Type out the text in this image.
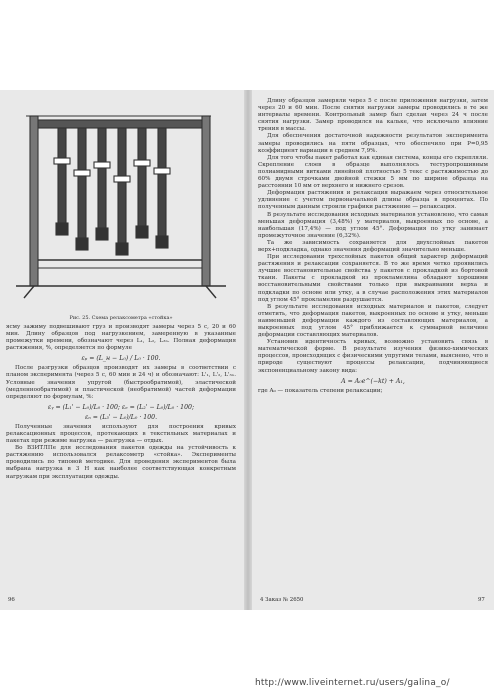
Рис. 25. Схема релаксометра «стойка»

ясму зажиму подвешивают груз и производят замеры через 5 с, 20 и 60 мин. Длину образцов под нагрузкением, замеренную в указанные промежутки времени, обозначают через L₁, L₂, L₃ₙ. Полная деформация растяжения, %, определяется по формуле

εₚ = (L_н − L₀) / L₀ · 100.

После разгрузки образцов производят их замеры в соответствии с планом эксперимента (через 5 с, 60 мин и 24 ч) и обозначают: L'₁, L'₂, L'₃ₙ. Условные значения упругой (быстрообратимой), эластической (медленнообратимой) и пластической (необратимой) частей деформации определяют по формулам, %:

εᵧ = (L₁' − L₀)/L₀ · 100; εₑ = (L₂' − L₀)/L₀ · 100;

εₙ = (L₃' − L₀)/L₀ · 100.

Полученные значения используют для построения кривых релаксационных процессов, протекающих в текстильных материалах и пакетах при режиме нагрузка — разгрузка — отдых.

Во ВЗИТЛПе для исследования пакетов одежды на устойчивость к растяжению использовался релаксометр «стойка». Эксперименты проводились по типовой методике. Для проведения экспериментов была выбрана нагрузка в 3 Н как наиболее соответствующая конкретным нагрузкам при эксплуатации одежды.

96

Длину образцов замеряли через 5 с после приложения нагрузки, затем через 20 и 60 мин. После снятия нагрузки замеры проводились в те же интервалы времени. Контрольный замер был сделан через 24 ч после снятия нагрузки. Замер проводился на кальке, что исключало влияние трения в массы.

Для обеспечения достаточной надежности результатов эксперимента замеры проводились на пяти образцах, что обеспечило при P=0,95 коэффициент вариации в среднем 7,9%.

Для того чтобы пакет работал как единая система, концы его скрепляли. Скрепление слоев в образце выполнялось тестуропрошивным полиамидными витками линейной плотностью 5 текс с растяжимостью до 60% двумя строчками двойной стежки 5 мм по ширине образца на расстоянии 10 мм от верхнего и нижнего срезов.

Деформация растяжения и релаксация выражаем через относительное удлинение с учетом первоначальной длины образца в процентах. По полученным данным строили графики растяжение — релаксация.

В результате исследования исходных материалов установлено, что самая меньшая деформация (3,48%) у материалов, выкроенных по основе, а наибольшая (17,4%) — под углом 45°. Деформация по утку занимает промежуточное значение (6,32%).

Та же зависимость сохраняется для двухслойных пакетов верх+подкладка, однако значения деформаций значительно меньше.

При исследовании трехслойных пакетов общий характер деформаций растяжения и релаксации сохраняется. В то же время четко проявились лучшие восстановительные свойства у пакетов с прокладкой из бортовой ткани. Пакеты с прокладкой из прокламелина обладают хорошими восстановительными свойствами только при выкраивании верха и подкладки по основе или утку, а в случае расположения этих материалов под углом 45° прокламелин разрушается.

В результате исследования исходных материалов и пакетов, следует отметить, что деформация пакетов, выкроенных по основе и утку, меньше наименьшей деформации каждого из составляющих материалов, а выкроенных под углом 45° приближается к суммарной величине деформации составляющих материалов.

Установив идентичность кривых, возможно установить связь в математической форме. В результате изучения физико-химических процессов, происходящих с физическими упругими телами, выяснено, что в природе существуют процессы релаксации, подчиняющиеся экспоненциальному закону вида:

A = A₀e^(−kt) + A₁,

где A₀ — показатель степени релаксации;

4 Заказ № 2650	97
http://www.liveinternet.ru/users/galina_o/
